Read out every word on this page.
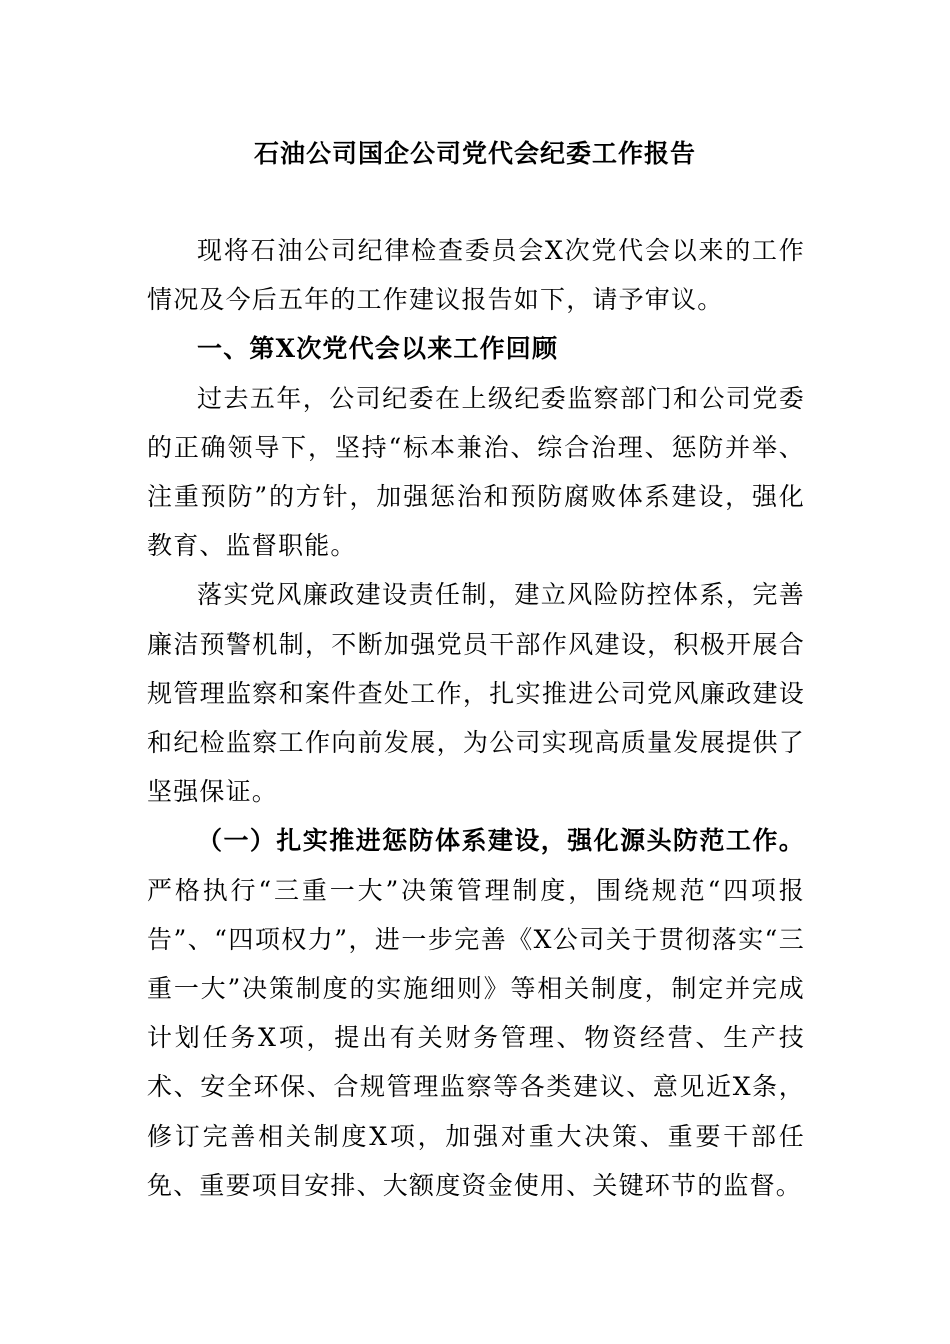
石油公司国企公司党代会纪委工作报告

现将石油公司纪律检查委员会X次党代会以来的工作情况及今后五年的工作建议报告如下，请予审议。

一、第X次党代会以来工作回顾

过去五年，公司纪委在上级纪委监察部门和公司党委的正确领导下，坚持“标本兼治、综合治理、惩防并举、注重预防”的方针，加强惩治和预防腐败体系建设，强化教育、监督职能。

落实党风廉政建设责任制，建立风险防控体系，完善廉洁预警机制，不断加强党员干部作风建设，积极开展合规管理监察和案件查处工作，扎实推进公司党风廉政建设和纪检监察工作向前发展，为公司实现高质量发展提供了坚强保证。

（一）扎实推进惩防体系建设，强化源头防范工作。严格执行“三重一大”决策管理制度，围绕规范“四项报告”、“四项权力”，进一步完善《X公司关于贯彻落实“三重一大”决策制度的实施细则》等相关制度，制定并完成计划任务X项，提出有关财务管理、物资经营、生产技术、安全环保、合规管理监察等各类建议、意见近X条，修订完善相关制度X项，加强对重大决策、重要干部任免、重要项目安排、大额度资金使用、关键环节的监督。
